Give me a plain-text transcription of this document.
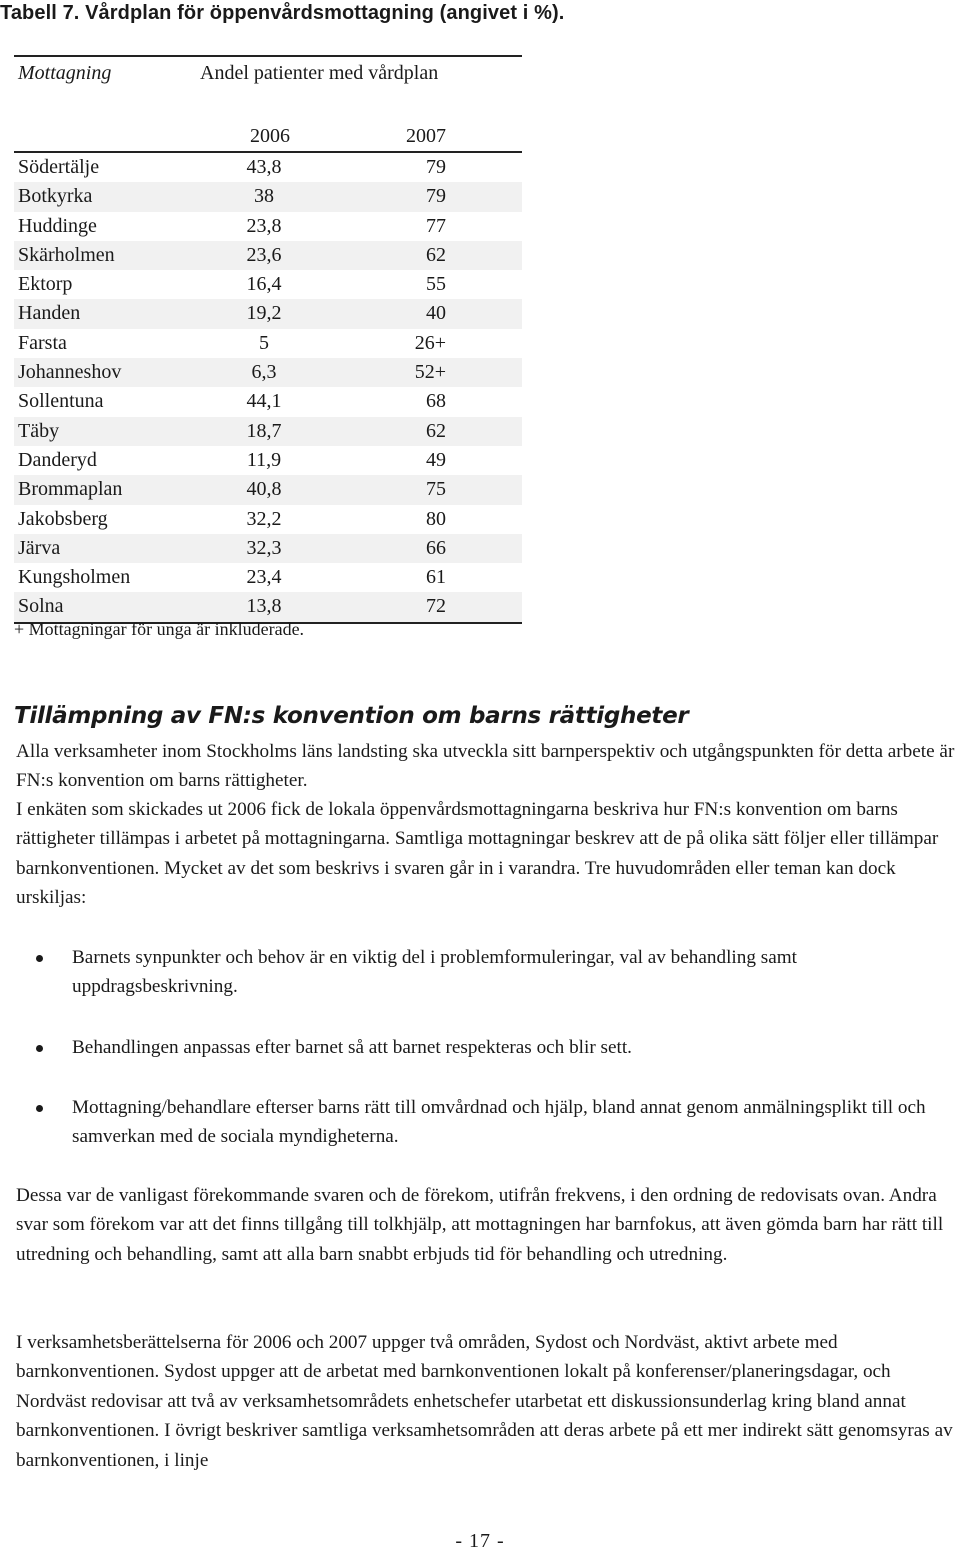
Tabell 7. Vårdplan för öppenvårdsmottagning (angivet i %).
Mottagning	Andel patienter med vårdplan
2006	2007
Södertälje	43,8	79
Botkyrka	38	79
Huddinge	23,8	77
Skärholmen	23,6	62
Ektorp	16,4	55
Handen	19,2	40
Farsta	5	26+
Johanneshov	6,3	52+
Sollentuna	44,1	68
Täby	18,7	62
Danderyd	11,9	49
Brommaplan	40,8	75
Jakobsberg	32,2	80
Järva	32,3	66
Kungsholmen	23,4	61
Solna	13,8	72
+ Mottagningar för unga är inkluderade.
Tillämpning av FN:s konvention om barns rättigheter
Alla verksamheter inom Stockholms läns landsting ska utveckla sitt barnperspektiv och utgångspunkten för detta arbete är FN:s konvention om barns rättigheter.
I enkäten som skickades ut 2006 fick de lokala öppenvårdsmottagningarna beskriva hur FN:s konvention om barns rättigheter tillämpas i arbetet på mottagningarna. Samtliga mottagningar beskrev att de på olika sätt följer eller tillämpar barnkonventionen. Mycket av det som beskrivs i svaren går in i varandra. Tre huvudområden eller teman kan dock urskiljas:
Barnets synpunkter och behov är en viktig del i problemformuleringar, val av behandling samt uppdragsbeskrivning.
Behandlingen anpassas efter barnet så att barnet respekteras och blir sett.
Mottagning/behandlare efterser barns rätt till omvårdnad och hjälp, bland annat genom anmälningsplikt till och samverkan med de sociala myndigheterna.
Dessa var de vanligast förekommande svaren och de förekom, utifrån frekvens, i den ordning de redovisats ovan. Andra svar som förekom var att det finns tillgång till tolkhjälp, att mottagningen har barnfokus, att även gömda barn har rätt till utredning och behandling, samt att alla barn snabbt erbjuds tid för behandling och utredning.
I verksamhetsberättelserna för 2006 och 2007 uppger två områden, Sydost och Nordväst, aktivt arbete med barnkonventionen. Sydost uppger att de arbetat med barnkonventionen lokalt på konferenser/planeringsdagar, och Nordväst redovisar att två av verksamhetsområdets enhetschefer utarbetat ett diskussionsunderlag kring bland annat barnkonventionen. I övrigt beskriver samtliga verksamhetsområden att deras arbete på ett mer indirekt sätt genomsyras av barnkonventionen, i linje
- 17 -
